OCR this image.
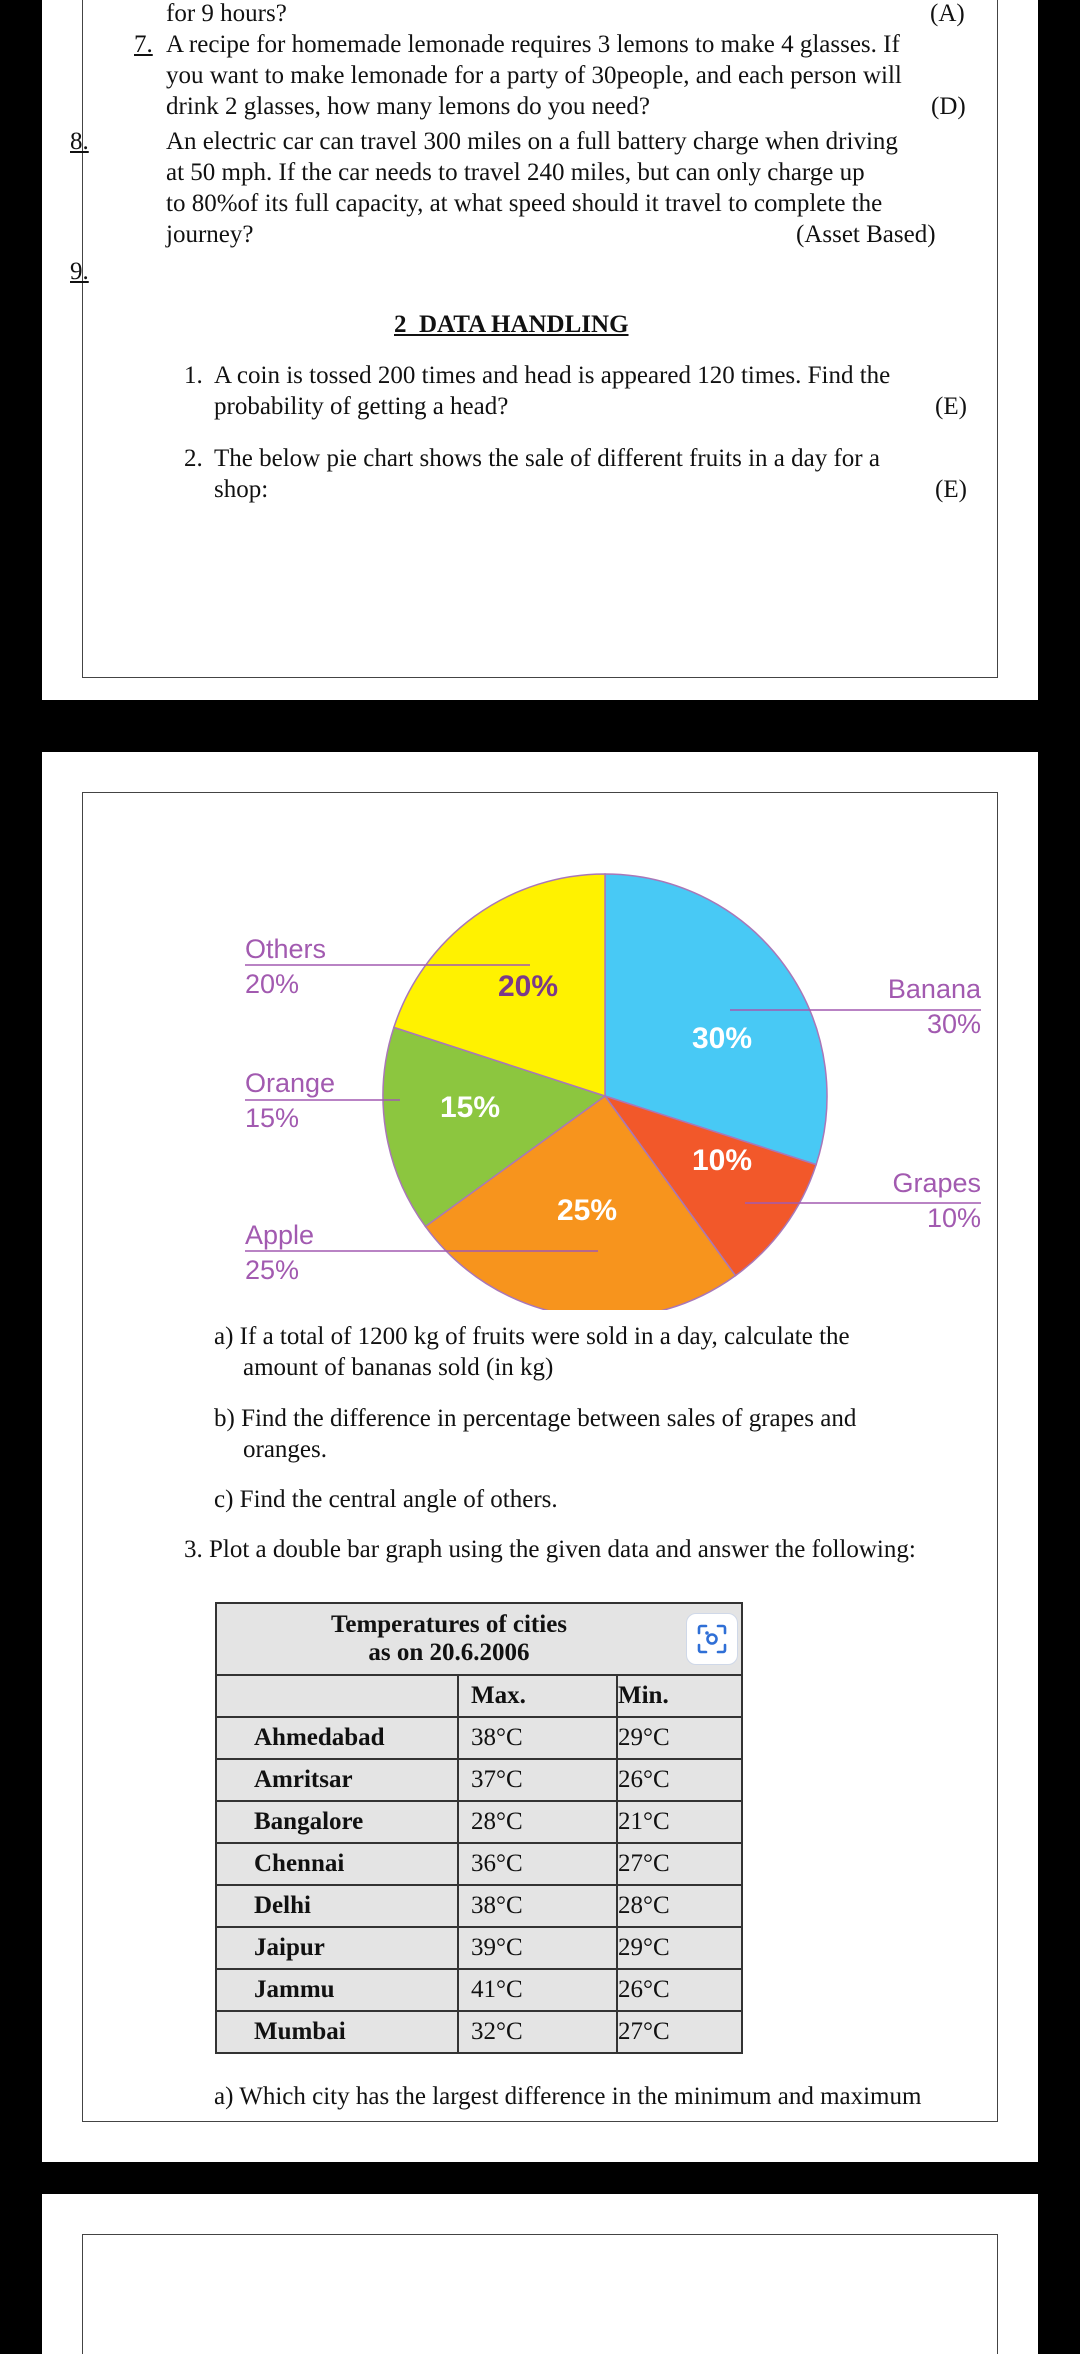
for 9 hours?	(A)
7. A recipe for homemade lemonade requires 3 lemons to make 4 glasses. If
you want to make lemonade for a party of 30people, and each person will
drink 2 glasses, how many lemons do you need?	(D)
8.	An electric car can travel 300 miles on a full battery charge when driving
at 50 mph. If the car needs to travel 240 miles, but can only charge up
to 80%of its full capacity, at what speed should it travel to complete the
journey?	(Asset Based)
9.
2  DATA HANDLING
1. A coin is tossed 200 times and head is appeared 120 times. Find the
probability of getting a head?	(E)
2. The below pie chart shows the sale of different fruits in a day for a
shop:	(E)
Banana
30%
30%
Grapes
10%
10%
Apple
25%
25%
Orange
15%	15%
Others
20%	20%
a) If a total of 1200 kg of fruits were sold in a day, calculate the
amount of bananas sold (in kg)
b) Find the difference in percentage between sales of grapes and
oranges.
c) Find the central angle of others.
3. Plot a double bar graph using the given data and answer the following:
Temperatures of cities
as on 20.6.2006		

	Max.	Min.
Ahmedabad	38°C	29°C
Amritsar	37°C	26°C
Bangalore	28°C	21°C
Chennai	36°C	27°C
Delhi	38°C	28°C
Jaipur	39°C	29°C
Jammu	41°C	26°C
Mumbai	32°C	27°C
a) Which city has the largest difference in the minimum and maximum
